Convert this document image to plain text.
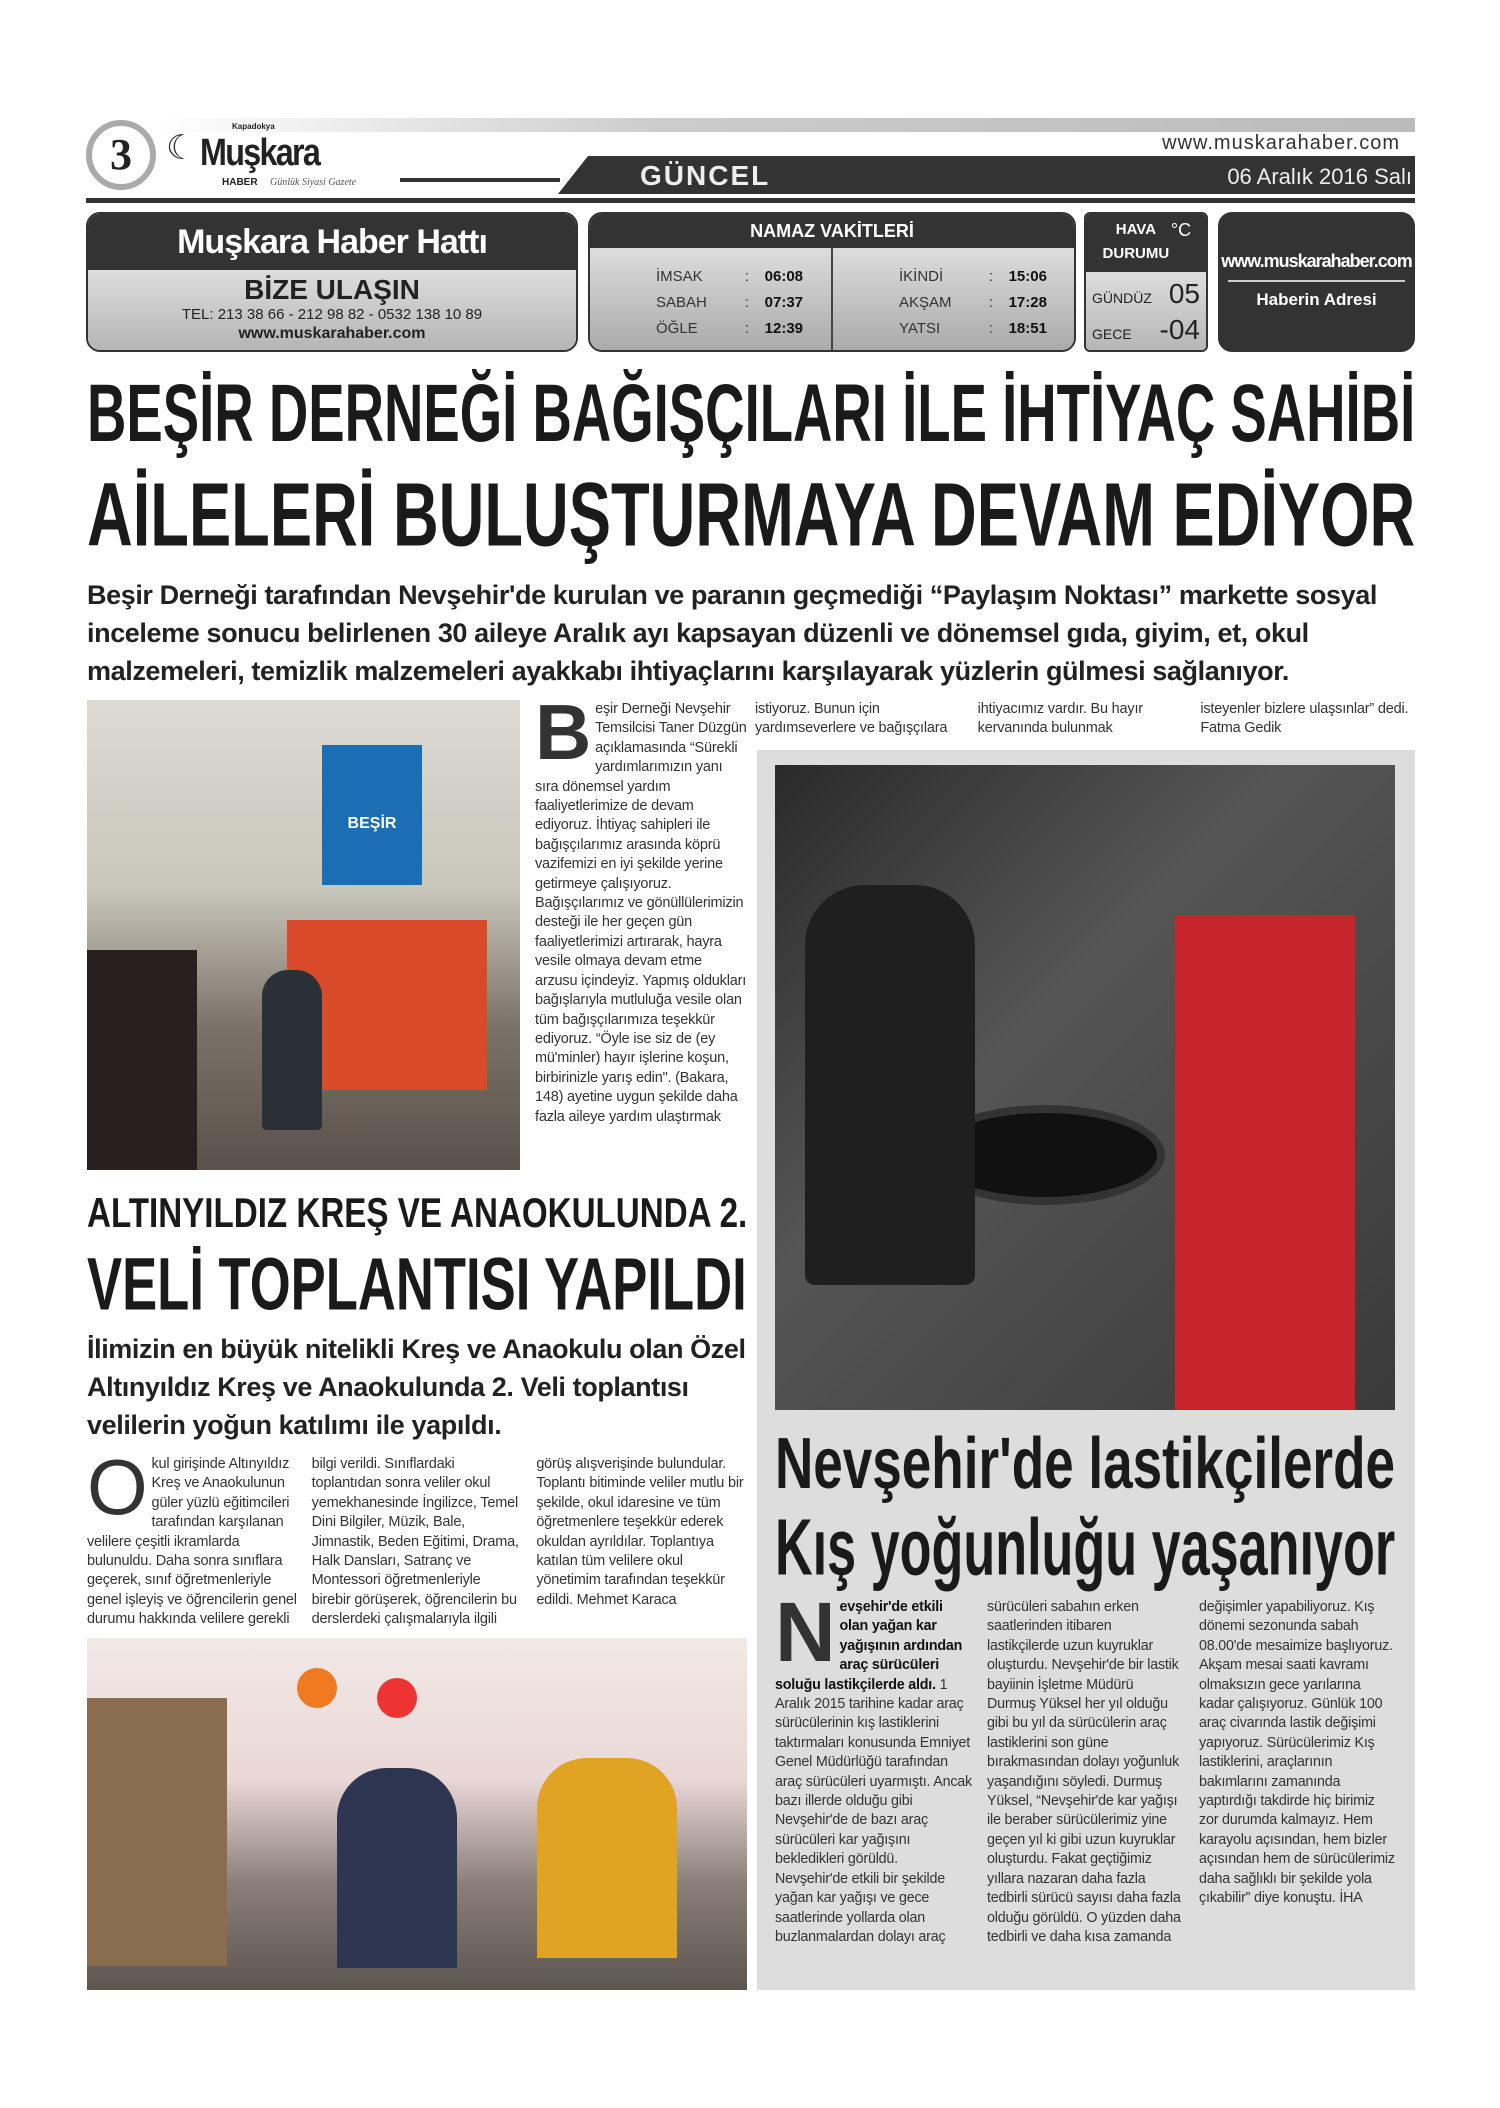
3	☾
Kapadokya
Muşkara
HABER Günlük Siyasi Gazete
www.muskarahaber.com
GÜNCEL	06 Aralık 2016 Salı
Muşkara Haber Hattı
BİZE ULAŞIN
TEL: 213 38 66 - 212 98 82 - 0532 138 10 89
www.muskarahaber.com
NAMAZ VAKİTLERİ
İMSAK	:	06:08
SABAH	:	07:37
ÖĞLE	:	12:39
İKİNDİ	:	15:06
AKŞAM	:	17:28
YATSI	:	18:51
HAVA DURUMU
°C
GÜNDÜZ 05
GECE -04
www.muskarahaber.com
Haberin Adresi
BEŞİR DERNEĞİ BAĞIŞÇILARI İLE İHTİYAÇ SAHİBİ
AİLELERİ BULUŞTURMAYA DEVAM EDİYOR
Beşir Derneği tarafından Nevşehir'de kurulan ve paranın geçmediği “Paylaşım Noktası” markette sosyal inceleme sonucu belirlenen 30 aileye Aralık ayı kapsayan düzenli ve dönemsel gıda, giyim, et, okul malzemeleri, temizlik malzemeleri ayakkabı ihtiyaçlarını karşılayarak yüzlerin gülmesi sağlanıyor.
BEŞİR
Beşir Derneği Nevşehir Temsilcisi Taner Düzgün açıklamasında “Sürekli yardımlarımızın yanı sıra dönemsel yardım faaliyetlerimize de devam ediyoruz. İhtiyaç sahipleri ile bağışçılarımız arasında köprü vazifemizi en iyi şekilde yerine getirmeye çalışıyoruz. Bağışçılarımız ve gönüllülerimizin desteği ile her geçen gün faaliyetlerimizi artırarak, hayra vesile olmaya devam etme arzusu içindeyiz. Yapmış oldukları bağışlarıyla mutluluğa vesile olan tüm bağışçılarımıza teşekkür ediyoruz. “Öyle ise siz de (ey mü'minler) hayır işlerine koşun, birbirinizle yarış edin". (Bakara, 148) ayetine uygun şekilde daha fazla aileye yardım ulaştırmak
istiyoruz. Bunun için yardımseverlere ve bağışçılara
ihtiyacımız vardır. Bu hayır kervanında bulunmak
isteyenler bizlere ulaşsınlar” dedi. Fatma Gedik
Nevşehir'de lastikçilerde
Kış yoğunluğu yaşanıyor
Nevşehir'de etkili olan yağan kar yağışının ardından araç sürücüleri soluğu lastikçilerde aldı. 1 Aralık 2015 tarihine kadar araç sürücülerinin kış lastiklerini taktırmaları konusunda Emniyet Genel Müdürlüğü tarafından araç sürücüleri uyarmıştı. Ancak bazı illerde olduğu gibi Nevşehir'de de bazı araç sürücüleri kar yağışını bekledikleri görüldü. Nevşehir'de etkili bir şekilde yağan kar yağışı ve gece saatlerinde yollarda olan buzlanmalardan dolayı araç sürücüleri sabahın erken saatlerinden itibaren lastikçilerde uzun kuyruklar oluşturdu. Nevşehir'de bir lastik bayiinin İşletme Müdürü Durmuş Yüksel her yıl olduğu gibi bu yıl da sürücülerin araç lastiklerini son güne bırakmasından dolayı yoğunluk yaşandığını söyledi. Durmuş Yüksel, “Nevşehir'de kar yağışı ile beraber sürücülerimiz yine geçen yıl ki gibi uzun kuyruklar oluşturdu. Fakat geçtiğimiz yıllara nazaran daha fazla tedbirli sürücü sayısı daha fazla olduğu görüldü. O yüzden daha tedbirli ve daha kısa zamanda değişimler yapabiliyoruz. Kış dönemi sezonunda sabah 08.00'de mesaimize başlıyoruz. Akşam mesai saati kavramı olmaksızın gece yarılarına kadar çalışıyoruz. Günlük 100 araç civarında lastik değişimi yapıyoruz. Sürücülerimiz Kış lastiklerini, araçlarının bakımlarını zamanında yaptırdığı takdirde hiç birimiz zor durumda kalmayız. Hem karayolu açısından, hem bizler açısından hem de sürücülerimiz daha sağlıklı bir şekilde yola çıkabilir” diye konuştu. İHA
ALTINYILDIZ KREŞ VE ANAOKULUNDA 2.
VELİ TOPLANTISI YAPILDI
İlimizin en büyük nitelikli Kreş ve Anaokulu olan Özel Altınyıldız Kreş ve Anaokulunda 2. Veli toplantısı velilerin yoğun katılımı ile yapıldı.
Okul girişinde Altınyıldız Kreş ve Anaokulunun güler yüzlü eğitimcileri tarafından karşılanan velilere çeşitli ikramlarda bulunuldu. Daha sonra sınıflara geçerek, sınıf öğretmenleriyle genel işleyiş ve öğrencilerin genel durumu hakkında velilere gerekli bilgi verildi. Sınıflardaki toplantıdan sonra veliler okul yemekhanesinde İngilizce, Temel Dini Bilgiler, Müzik, Bale, Jimnastik, Beden Eğitimi, Drama, Halk Dansları, Satranç ve Montessori öğretmenleriyle birebir görüşerek, öğrencilerin bu derslerdeki çalışmalarıyla ilgili görüş alışverişinde bulundular. Toplantı bitiminde veliler mutlu bir şekilde, okul idaresine ve tüm öğretmenlere teşekkür ederek okuldan ayrıldılar. Toplantıya katılan tüm velilere okul yönetimim tarafından teşekkür edildi. Mehmet Karaca
